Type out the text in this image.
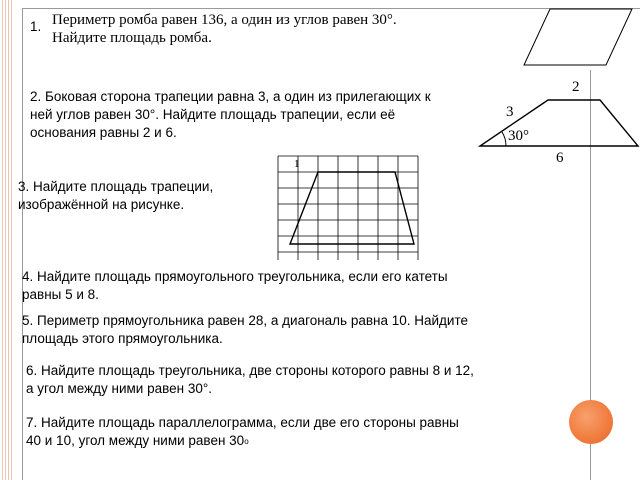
1. Периметр ромба равен 136, а один из углов равен 30°.
Найдите площадь ромба.
2. Боковая сторона трапеции равна 3, а один из прилегающих к
ней углов равен 30°. Найдите площадь трапеции, если её
основания равны 2 и 6.
2
3
30°
6
3. Найдите площадь трапеции,
изображённой на рисунке.
1
4. Найдите площадь прямоугольного треугольника, если его катеты
равны 5 и 8.
5. Периметр прямоугольника равен 28, а диагональ равна 10. Найдите
площадь этого прямоугольника.
6. Найдите площадь треугольника, две стороны которого равны 8 и 12,
а угол между ними равен 30°.
7. Найдите площадь параллелограмма, если две его стороны равны
40 и 10, угол между ними равен 30о
